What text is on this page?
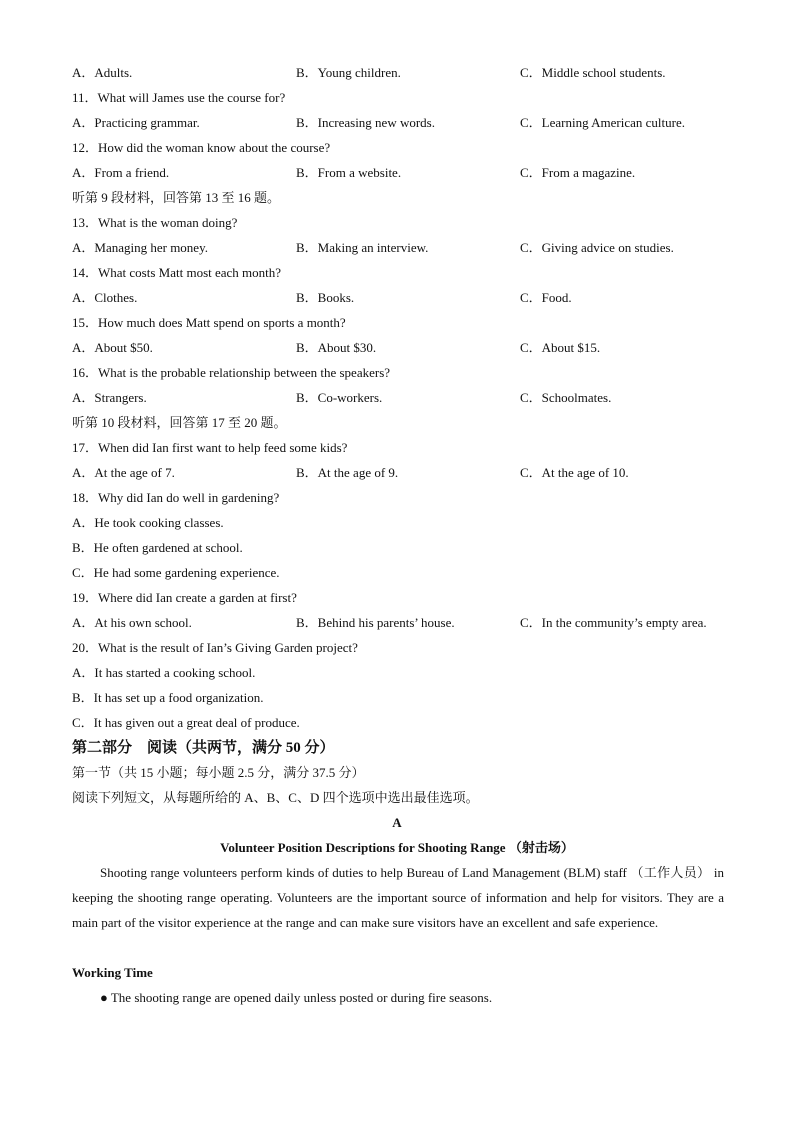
A．Adults.	B．Young children.	C．Middle school students.
11．What will James use the course for?
A．Practicing grammar.	B．Increasing new words.	C．Learning American culture.
12．How did the woman know about the course?
A．From a friend.	B．From a website.	C．From a magazine.
听第 9 段材料，回答第 13 至 16 题。
13．What is the woman doing?
A．Managing her money.	B．Making an interview.	C．Giving advice on studies.
14．What costs Matt most each month?
A．Clothes.	B．Books.	C．Food.
15．How much does Matt spend on sports a month?
A．About $50.	B．About $30.	C．About $15.
16．What is the probable relationship between the speakers?
A．Strangers.	B．Co-workers.	C．Schoolmates.
听第 10 段材料，回答第 17 至 20 题。
17．When did Ian first want to help feed some kids?
A．At the age of 7.	B．At the age of 9.	C．At the age of 10.
18．Why did Ian do well in gardening?
A．He took cooking classes.
B．He often gardened at school.
C．He had some gardening experience.
19．Where did Ian create a garden at first?
A．At his own school.	B．Behind his parents’ house.	C．In the community’s empty area.
20．What is the result of Ian’s Giving Garden project?
A．It has started a cooking school.
B．It has set up a food organization.
C．It has given out a great deal of produce.
第二部分　阅读（共两节，满分 50 分）
第一节（共 15 小题；每小题 2.5 分，满分 37.5 分）
阅读下列短文，从每题所给的 A、B、C、D 四个选项中选出最佳选项。
A
Volunteer Position Descriptions for Shooting Range （射击场）
Shooting range volunteers perform kinds of duties to help Bureau of Land Management (BLM) staff （工作人员） in keeping the shooting range operating. Volunteers are the important source of information and help for visitors. They are a main part of the visitor experience at the range and can make sure visitors have an excellent and safe experience.
Working Time
● The shooting range are opened daily unless posted or during fire seasons.
